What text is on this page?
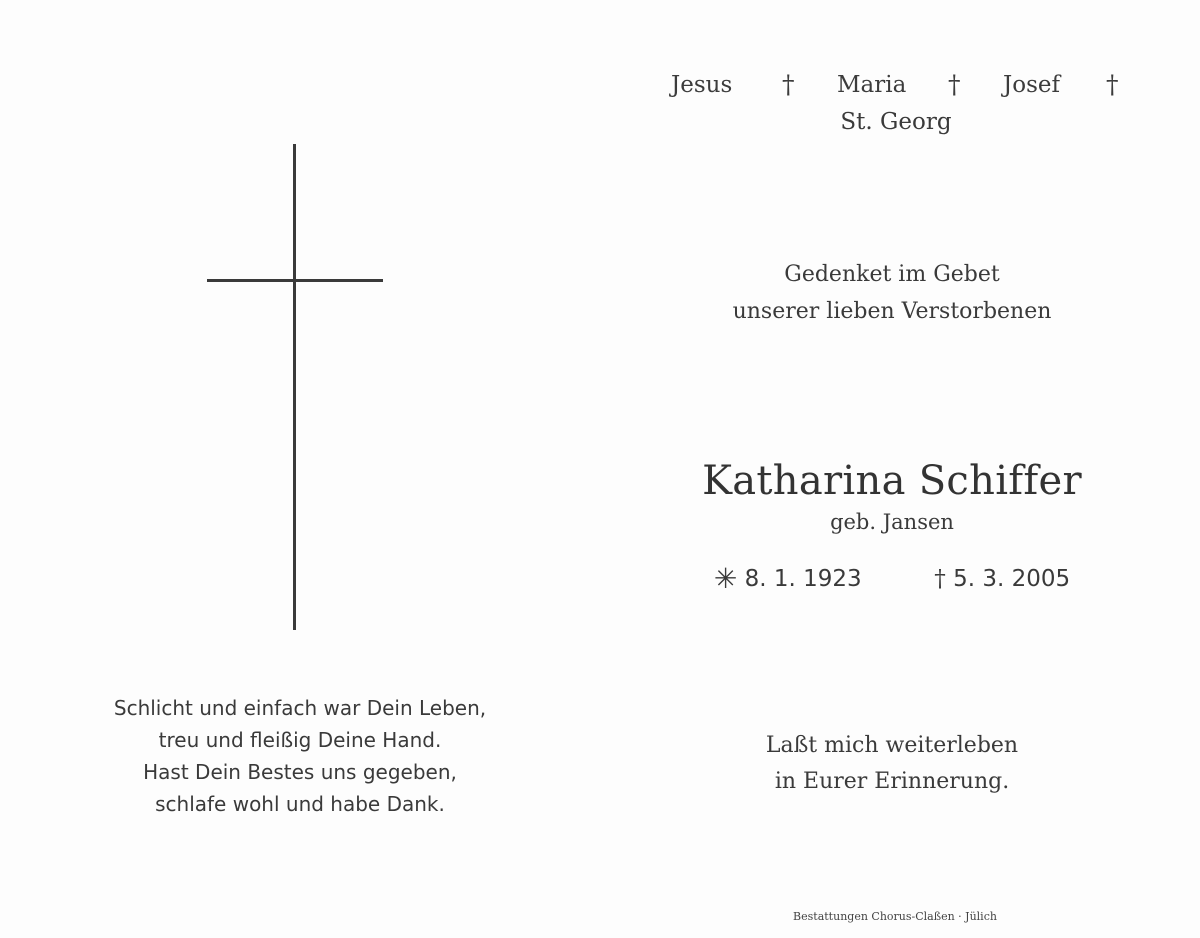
Jesus † Maria † Josef †
St. Georg
Gedenket im Gebet
unserer lieben Verstorbenen
Katharina Schiffer
geb. Jansen
✳ 8. 1. 1923	† 5. 3. 2005
Schlicht und einfach war Dein Leben,
treu und fleißig Deine Hand.
Hast Dein Bestes uns gegeben,
schlafe wohl und habe Dank.
Laßt mich weiterleben
in Eurer Erinnerung.
Bestattungen Chorus-Claßen · Jülich
